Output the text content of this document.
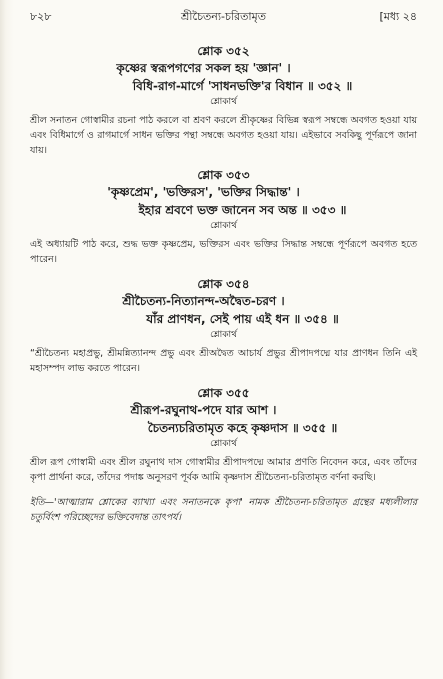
৮২৮	শ্রীচৈতন্য-চরিতামৃত	[মধ্য ২৪

শ্লোক ৩৫২

কৃষ্ণের স্বরূপগণের সকল হয় 'জ্ঞান' ।

বিধি-রাগ-মার্গে 'সাধনভক্তি'র বিধান ॥ ৩৫২ ॥

শ্লোকার্থ

শ্রীল সনাতন গোস্বামীর রচনা পাঠ করলে বা শ্রবণ করলে শ্রীকৃষ্ণের বিভিন্ন স্বরূপ সম্বন্ধে অবগত হওয়া যায় এবং বিধিমার্গে ও রাগমার্গে সাধন ভক্তির পন্থা সম্বন্ধে অবগত হওয়া যায়। এইভাবে সবকিছু পূর্ণরূপে জানা যায়।

শ্লোক ৩৫৩

'কৃষ্ণপ্রেম', 'ভক্তিরস', 'ভক্তির সিদ্ধান্ত' ।

ইহার শ্রবণে ভক্ত জানেন সব অন্ত ॥ ৩৫৩ ॥

শ্লোকার্থ

এই অধ্যায়টি পাঠ করে, শুদ্ধ ভক্ত কৃষ্ণপ্রেম, ভক্তিরস এবং ভক্তির সিদ্ধান্ত সম্বন্ধে পূর্ণরূপে অবগত হতে পারেন।

শ্লোক ৩৫৪

শ্রীচৈতন্য-নিত্যানন্দ-অদ্বৈত-চরণ ।

যাঁর প্রাণধন, সেই পায় এই ধন ॥ ৩৫৪ ॥

শ্লোকার্থ

“শ্রীচৈতন্য মহাপ্রভু, শ্রীমন্নিত্যানন্দ প্রভু এবং শ্রীঅদ্বৈত আচার্য প্রভুর শ্রীপাদপদ্মে যার প্রাণধন তিনি এই মহাসম্পদ লাভ করতে পারেন।

শ্লোক ৩৫৫

শ্রীরূপ-রঘুনাথ-পদে যার আশ ।

চৈতন্যচরিতামৃত কহে কৃষ্ণদাস ॥ ৩৫৫ ॥

শ্লোকার্থ

শ্রীল রূপ গোস্বামী এবং শ্রীল রঘুনাথ দাস গোস্বামীর শ্রীপাদপদ্মে আমার প্রণতি নিবেদন করে, এবং তাঁদের কৃপা প্রার্থনা করে, তাঁদের পদাঙ্ক অনুসরণ পূর্বক আমি কৃষ্ণদাস শ্রীচৈতন্য-চরিতামৃত বর্ণনা করছি।

ইতি—'আত্মারাম শ্লোকের ব্যাখ্যা এবং সনাতনকে কৃপা' নামক শ্রীচৈতন্য-চরিতামৃত গ্রন্থের মধ্যলীলার চতুর্বিংশ পরিচ্ছেদের ভক্তিবেদান্ত তাৎপর্য।
